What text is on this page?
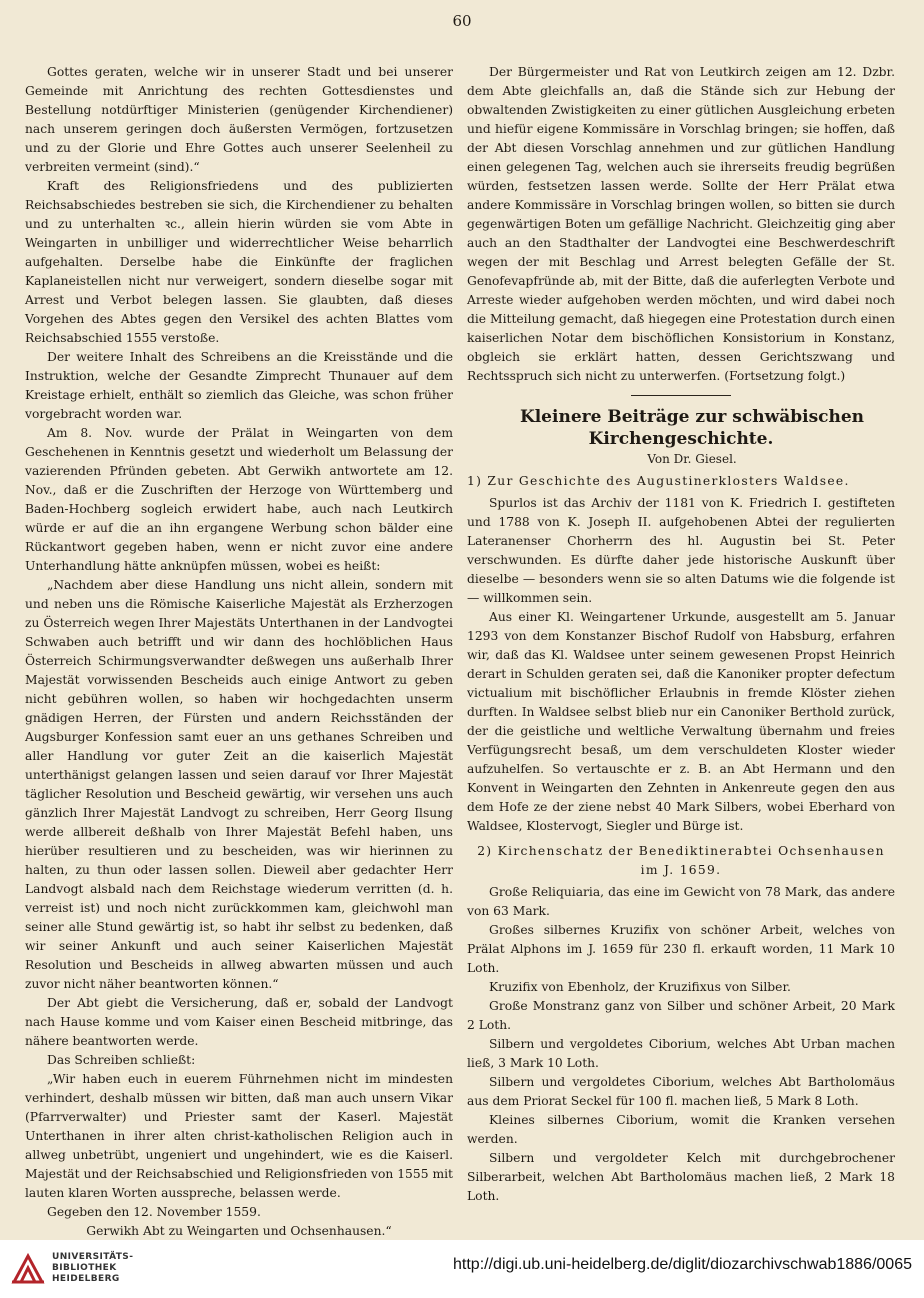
60

Gottes geraten, welche wir in unserer Stadt und bei unserer Gemeinde mit Anrichtung des rechten Gottesdienstes und Bestellung notdürftiger Ministerien (genügender Kirchendiener) nach unserem geringen doch äußersten Vermögen, fortzusetzen und zu der Glorie und Ehre Gottes auch unserer Seelenheil zu verbreiten vermeint (sind).“

Kraft des Religionsfriedens und des publizierten Reichsabschiedes bestreben sie sich, die Kirchendiener zu behalten und zu unterhalten ꝛc., allein hierin würden sie vom Abte in Weingarten in unbilliger und widerrechtlicher Weise beharrlich aufgehalten. Derselbe habe die Einkünfte der fraglichen Kaplaneistellen nicht nur verweigert, sondern dieselbe sogar mit Arrest und Verbot belegen lassen. Sie glaubten, daß dieses Vorgehen des Abtes gegen den Versikel des achten Blattes vom Reichsabschied 1555 verstoße.

Der weitere Inhalt des Schreibens an die Kreisstände und die Instruktion, welche der Gesandte Zimprecht Thunauer auf dem Kreistage erhielt, enthält so ziemlich das Gleiche, was schon früher vorgebracht worden war.

Am 8. Nov. wurde der Prälat in Weingarten von dem Geschehenen in Kenntnis gesetzt und wiederholt um Belassung der vazierenden Pfründen gebeten. Abt Gerwikh antwortete am 12. Nov., daß er die Zuschriften der Herzoge von Württemberg und Baden-Hochberg sogleich erwidert habe, auch nach Leutkirch würde er auf die an ihn ergangene Werbung schon bälder eine Rückantwort gegeben haben, wenn er nicht zuvor eine andere Unterhandlung hätte anknüpfen müssen, wobei es heißt:

„Nachdem aber diese Handlung uns nicht allein, sondern mit und neben uns die Römische Kaiserliche Majestät als Erzherzogen zu Österreich wegen Ihrer Majestäts Unterthanen in der Landvogtei Schwaben auch betrifft und wir dann des hochlöblichen Haus Österreich Schirmungsverwandter deßwegen uns außerhalb Ihrer Majestät vorwissenden Bescheids auch einige Antwort zu geben nicht gebühren wollen, so haben wir hochgedachten unserm gnädigen Herren, der Fürsten und andern Reichsständen der Augsburger Konfession samt euer an uns gethanes Schreiben und aller Handlung vor guter Zeit an die kaiserlich Majestät unterthänigst gelangen lassen und seien darauf vor Ihrer Majestät täglicher Resolution und Bescheid gewärtig, wir versehen uns auch gänzlich Ihrer Majestät Landvogt zu schreiben, Herr Georg Ilsung werde allbereit deßhalb von Ihrer Majestät Befehl haben, uns hierüber resultieren und zu bescheiden, was wir hierinnen zu halten, zu thun oder lassen sollen. Dieweil aber gedachter Herr Landvogt alsbald nach dem Reichstage wiederum verritten (d. h. verreist ist) und noch nicht zurückkommen kam, gleichwohl man seiner alle Stund gewärtig ist, so habt ihr selbst zu bedenken, daß wir seiner Ankunft und auch seiner Kaiserlichen Majestät Resolution und Bescheids in allweg abwarten müssen und auch zuvor nicht näher beantworten können.“

Der Abt giebt die Versicherung, daß er, sobald der Landvogt nach Hause komme und vom Kaiser einen Bescheid mitbringe, das nähere beantworten werde.

Das Schreiben schließt:

„Wir haben euch in euerem Führnehmen nicht im mindesten verhindert, deshalb müssen wir bitten, daß man auch unsern Vikar (Pfarrverwalter) und Priester samt der Kaserl. Majestät Unterthanen in ihrer alten christ-katholischen Religion auch in allweg unbetrübt, ungeniert und ungehindert, wie es die Kaiserl. Majestät und der Reichsabschied und Religionsfrieden von 1555 mit lauten klaren Worten ausspreche, belassen werde.

Gegeben den 12. November 1559.

Gerwikh Abt zu Weingarten und Ochsenhausen.“

Der Bürgermeister und Rat von Leutkirch zeigen am 12. Dzbr. dem Abte gleichfalls an, daß die Stände sich zur Hebung der obwaltenden Zwistigkeiten zu einer gütlichen Ausgleichung erbeten und hiefür eigene Kommissäre in Vorschlag bringen; sie hoffen, daß der Abt diesen Vorschlag annehmen und zur gütlichen Handlung einen gelegenen Tag, welchen auch sie ihrerseits freudig begrüßen würden, festsetzen lassen werde. Sollte der Herr Prälat etwa andere Kommissäre in Vorschlag bringen wollen, so bitten sie durch gegenwärtigen Boten um gefällige Nachricht. Gleichzeitig ging aber auch an den Stadthalter der Landvogtei eine Beschwerdeschrift wegen der mit Beschlag und Arrest belegten Gefälle der St. Genofevapfründe ab, mit der Bitte, daß die auferlegten Verbote und Arreste wieder aufgehoben werden möchten, und wird dabei noch die Mitteilung gemacht, daß hiegegen eine Protestation durch einen kaiserlichen Notar dem bischöflichen Konsistorium in Konstanz, obgleich sie erklärt hatten, dessen Gerichtszwang und Rechtsspruch sich nicht zu unterwerfen. (Fortsetzung folgt.)

Kleinere Beiträge zur schwäbischen Kirchengeschichte.

Von Dr. Giesel.

1) Zur Geschichte des Augustinerklosters Waldsee.

Spurlos ist das Archiv der 1181 von K. Friedrich I. gestifteten und 1788 von K. Joseph II. aufgehobenen Abtei der regulierten Lateranenser Chorherrn des hl. Augustin bei St. Peter verschwunden. Es dürfte daher jede historische Auskunft über dieselbe — besonders wenn sie so alten Datums wie die folgende ist — willkommen sein.

Aus einer Kl. Weingartener Urkunde, ausgestellt am 5. Januar 1293 von dem Konstanzer Bischof Rudolf von Habsburg, erfahren wir, daß das Kl. Waldsee unter seinem gewesenen Propst Heinrich derart in Schulden geraten sei, daß die Kanoniker propter defectum victualium mit bischöflicher Erlaubnis in fremde Klöster ziehen durften. In Waldsee selbst blieb nur ein Canoniker Berthold zurück, der die geistliche und weltliche Verwaltung übernahm und freies Verfügungsrecht besaß, um dem verschuldeten Kloster wieder aufzuhelfen. So vertauschte er z. B. an Abt Hermann und den Konvent in Weingarten den Zehnten in Ankenreute gegen den aus dem Hofe ze der ziene nebst 40 Mark Silbers, wobei Eberhard von Waldsee, Klostervogt, Siegler und Bürge ist.

2) Kirchenschatz der Benediktinerabtei Ochsenhausen im J. 1659.

Große Reliquiaria, das eine im Gewicht von 78 Mark, das andere von 63 Mark.

Großes silbernes Kruzifix von schöner Arbeit, welches von Prälat Alphons im J. 1659 für 230 fl. erkauft worden, 11 Mark 10 Loth.

Kruzifix von Ebenholz, der Kruzifixus von Silber.

Große Monstranz ganz von Silber und schöner Arbeit, 20 Mark 2 Loth.

Silbern und vergoldetes Ciborium, welches Abt Urban machen ließ, 3 Mark 10 Loth.

Silbern und vergoldetes Ciborium, welches Abt Bartholomäus aus dem Priorat Seckel für 100 fl. machen ließ, 5 Mark 8 Loth.

Kleines silbernes Ciborium, womit die Kranken versehen werden.

Silbern und vergoldeter Kelch mit durchgebrochener Silberarbeit, welchen Abt Bartholomäus machen ließ, 2 Mark 18 Loth.

UNIVERSITÄTS-
BIBLIOTHEK
HEIDELBERG
http://digi.ub.uni-heidelberg.de/diglit/diozarchivschwab1886/0065
